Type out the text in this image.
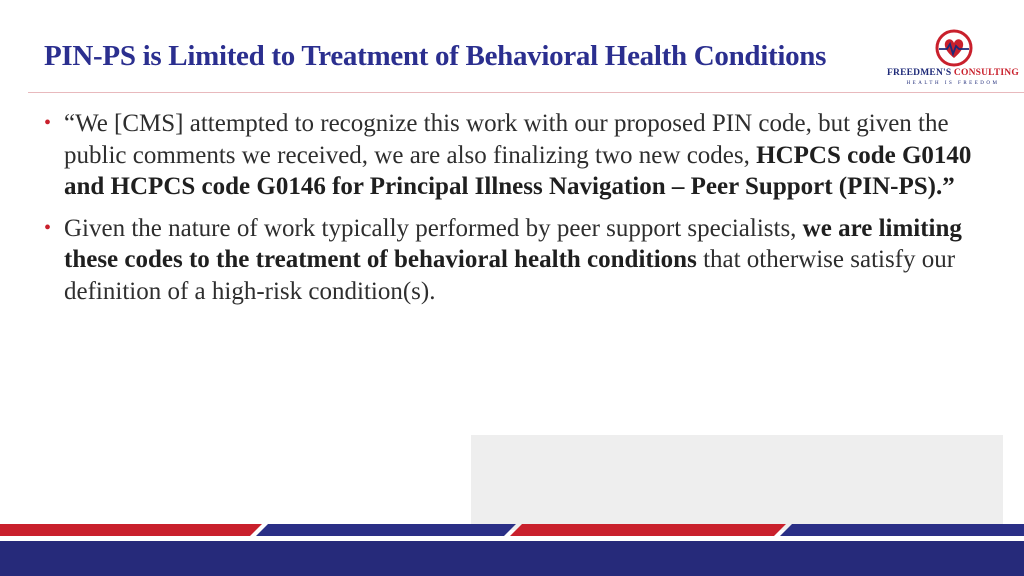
PIN-PS is Limited to Treatment of Behavioral Health Conditions
FREEDMEN'S CONSULTING
HEALTH IS FREEDOM
• “We [CMS] attempted to recognize this work with our proposed PIN code, but given the public comments we received, we are also finalizing two new codes, HCPCS code G0140 and HCPCS code G0146 for Principal Illness Navigation – Peer Support (PIN-PS).”
• Given the nature of work typically performed by peer support specialists, we are limiting these codes to the treatment of behavioral health conditions that otherwise satisfy our definition of a high-risk condition(s).
